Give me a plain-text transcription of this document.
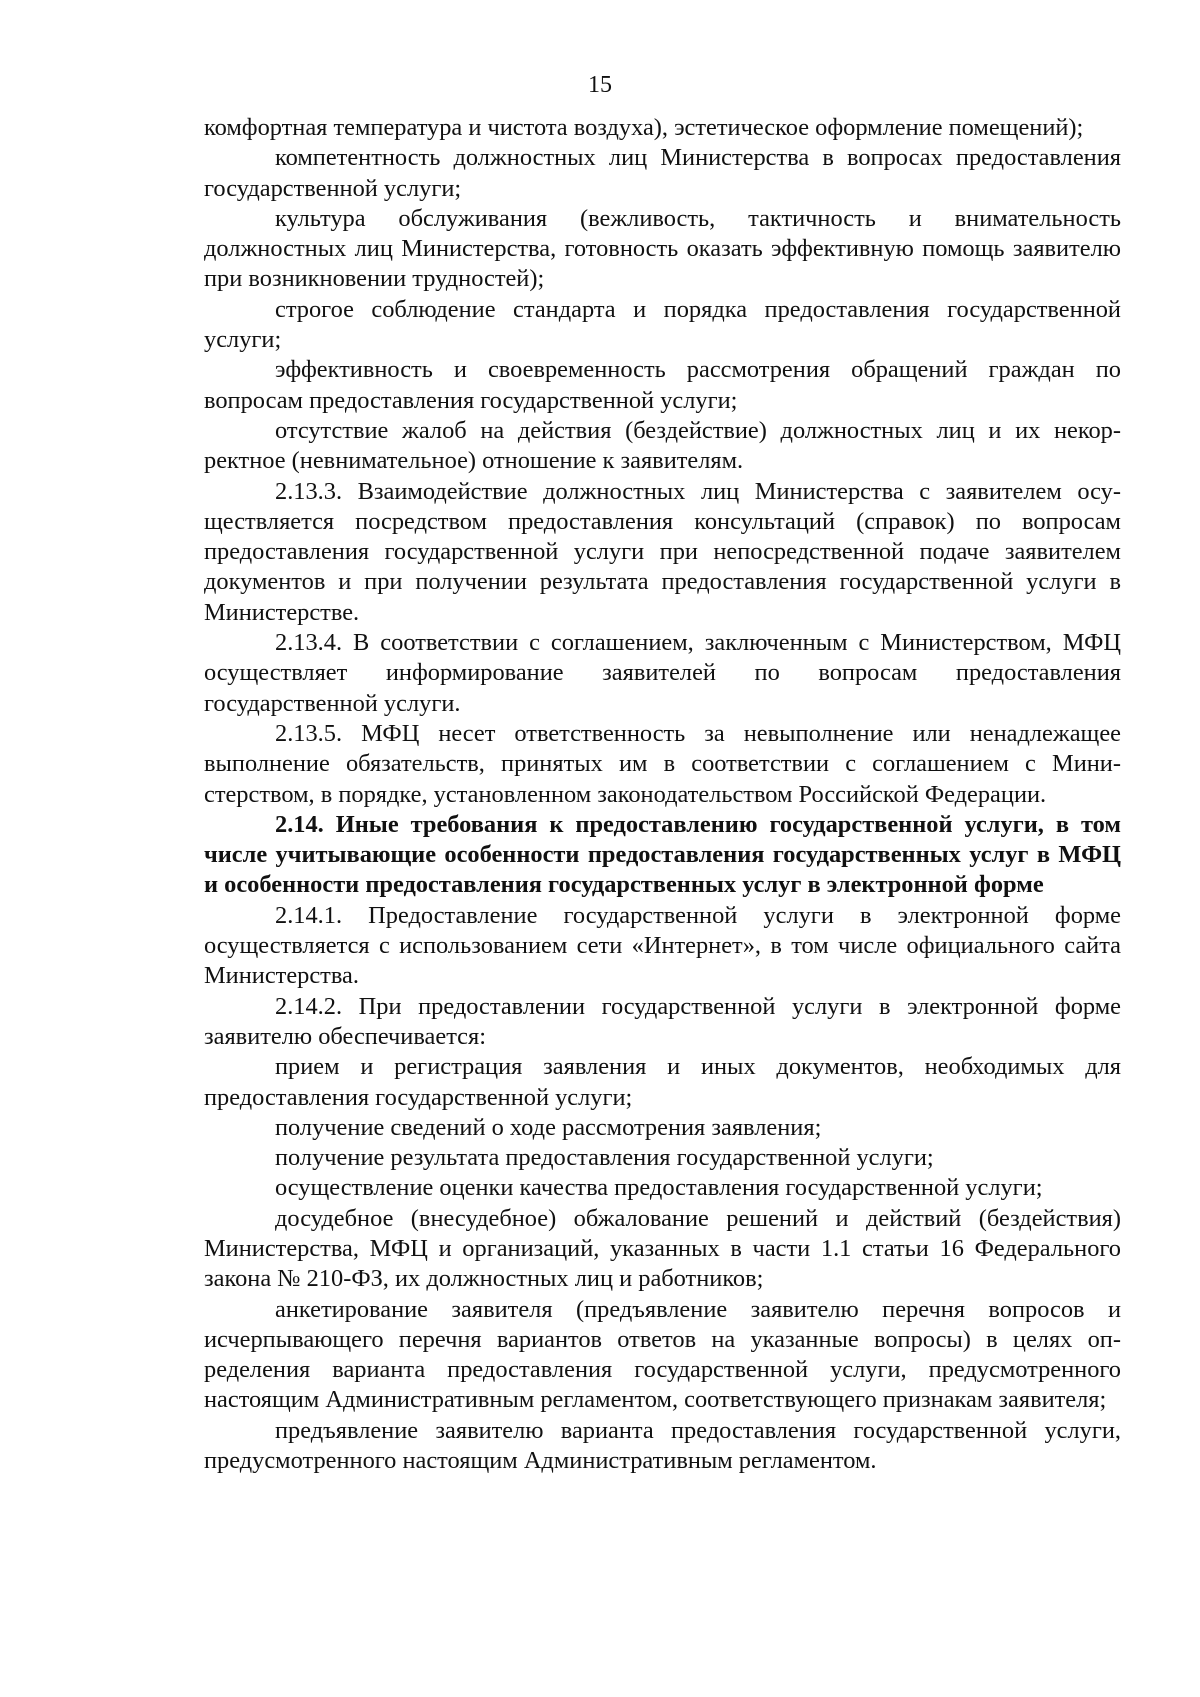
15

комфортная температура и чистота воздуха), эстетическое оформление помещений);

компетентность должностных лиц Министерства в вопросах предоставления государственной услуги;

культура обслуживания (вежливость, тактичность и внимательность должностных лиц Министерства, готовность оказать эффективную помощь заявителю при возникновении трудностей);

строгое соблюдение стандарта и порядка предоставления государственной услуги;

эффективность и своевременность рассмотрения обращений граждан по вопросам предоставления государственной услуги;

отсутствие жалоб на действия (бездействие) должностных лиц и их некорректное (невнимательное) отношение к заявителям.

2.13.3. Взаимодействие должностных лиц Министерства с заявителем осуществляется посредством предоставления консультаций (справок) по вопросам предоставления государственной услуги при непосредственной подаче заявителем документов и при получении результата предоставления государственной услуги в Министерстве.

2.13.4. В соответствии с соглашением, заключенным с Министерством, МФЦ осуществляет информирование заявителей по вопросам предоставления государственной услуги.

2.13.5. МФЦ несет ответственность за невыполнение или ненадлежащее выполнение обязательств, принятых им в соответствии с соглашением с Министерством, в порядке, установленном законодательством Российской Федерации.

2.14. Иные требования к предоставлению государственной услуги, в том числе учитывающие особенности предоставления государственных услуг в МФЦ и особенности предоставления государственных услуг в электронной форме

2.14.1. Предоставление государственной услуги в электронной форме осуществляется с использованием сети «Интернет», в том числе официального сайта Министерства.

2.14.2. При предоставлении государственной услуги в электронной форме заявителю обеспечивается:

прием и регистрация заявления и иных документов, необходимых для предоставления государственной услуги;

получение сведений о ходе рассмотрения заявления;

получение результата предоставления государственной услуги;

осуществление оценки качества предоставления государственной услуги;

досудебное (внесудебное) обжалование решений и действий (бездействия) Министерства, МФЦ и организаций, указанных в части 1.1 статьи 16 Федерального закона № 210-ФЗ, их должностных лиц и работников;

анкетирование заявителя (предъявление заявителю перечня вопросов и исчерпывающего перечня вариантов ответов на указанные вопросы) в целях определения варианта предоставления государственной услуги, предусмотренного настоящим Административным регламентом, соответствующего признакам заявителя;

предъявление заявителю варианта предоставления государственной услуги, предусмотренного настоящим Административным регламентом.
